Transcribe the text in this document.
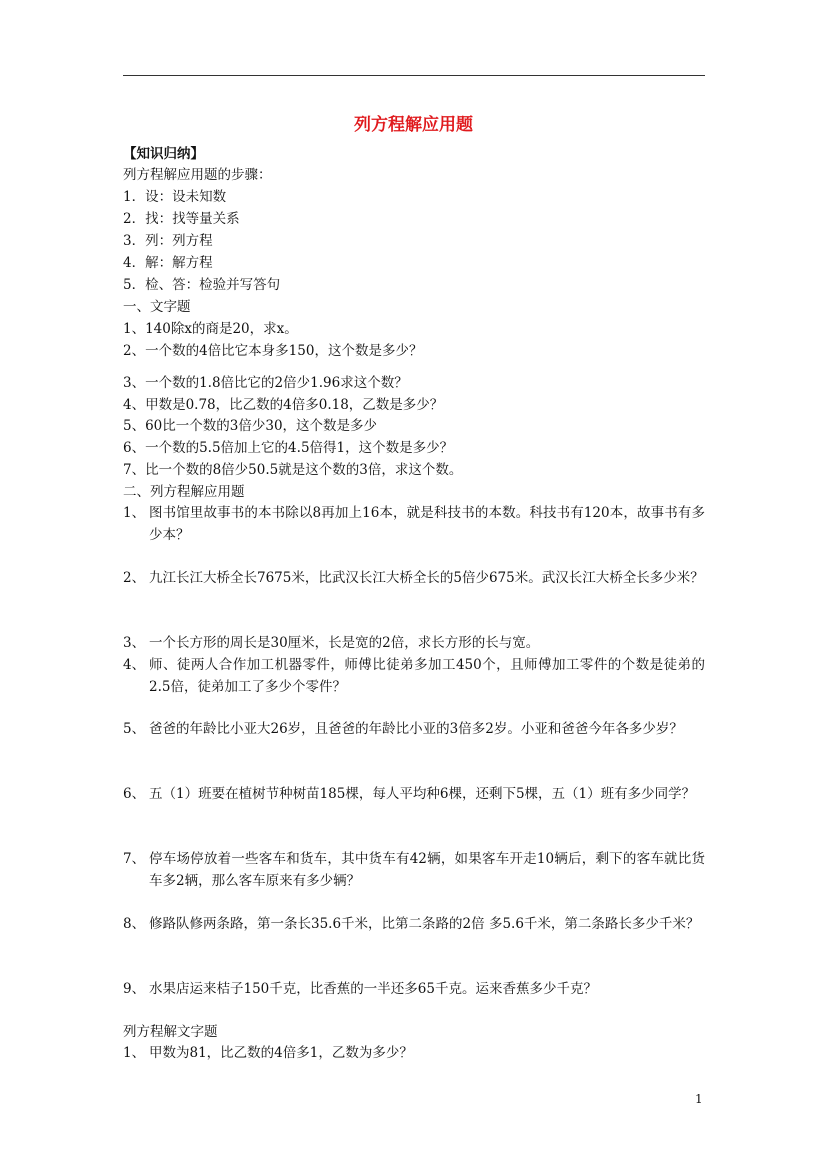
列方程解应用题
【知识归纳】
列方程解应用题的步骤：
1．设：设未知数
2．找：找等量关系
3．列：列方程
4．解：解方程
5．检、答：检验并写答句
一、文字题
1、140除x的商是20，求x。
2、一个数的4倍比它本身多150，这个数是多少？
3、一个数的1.8倍比它的2倍少1.96求这个数？
4、甲数是0.78，比乙数的4倍多0.18，乙数是多少？
5、60比一个数的3倍少30，这个数是多少
6、一个数的5.5倍加上它的4.5倍得1，这个数是多少？
7、比一个数的8倍少50.5就是这个数的3倍，求这个数。
二、列方程解应用题
1、 图书馆里故事书的本书除以8再加上16本，就是科技书的本数。科技书有120本，故事书有多少本？
2、 九江长江大桥全长7675米，比武汉长江大桥全长的5倍少675米。武汉长江大桥全长多少米？
3、 一个长方形的周长是30厘米，长是宽的2倍，求长方形的长与宽。
4、 师、徒两人合作加工机器零件，师傅比徒弟多加工450个，且师傅加工零件的个数是徒弟的2.5倍，徒弟加工了多少个零件？
5、 爸爸的年龄比小亚大26岁，且爸爸的年龄比小亚的3倍多2岁。小亚和爸爸今年各多少岁？
6、 五（1）班要在植树节种树苗185棵，每人平均种6棵，还剩下5棵，五（1）班有多少同学？
7、 停车场停放着一些客车和货车，其中货车有42辆，如果客车开走10辆后，剩下的客车就比货车多2辆，那么客车原来有多少辆？
8、 修路队修两条路，第一条长35.6千米，比第二条路的2倍 多5.6千米，第二条路长多少千米？
9、 水果店运来桔子150千克，比香蕉的一半还多65千克。运来香蕉多少千克？
列方程解文字题
1、 甲数为81，比乙数的4倍多1，乙数为多少？
1
